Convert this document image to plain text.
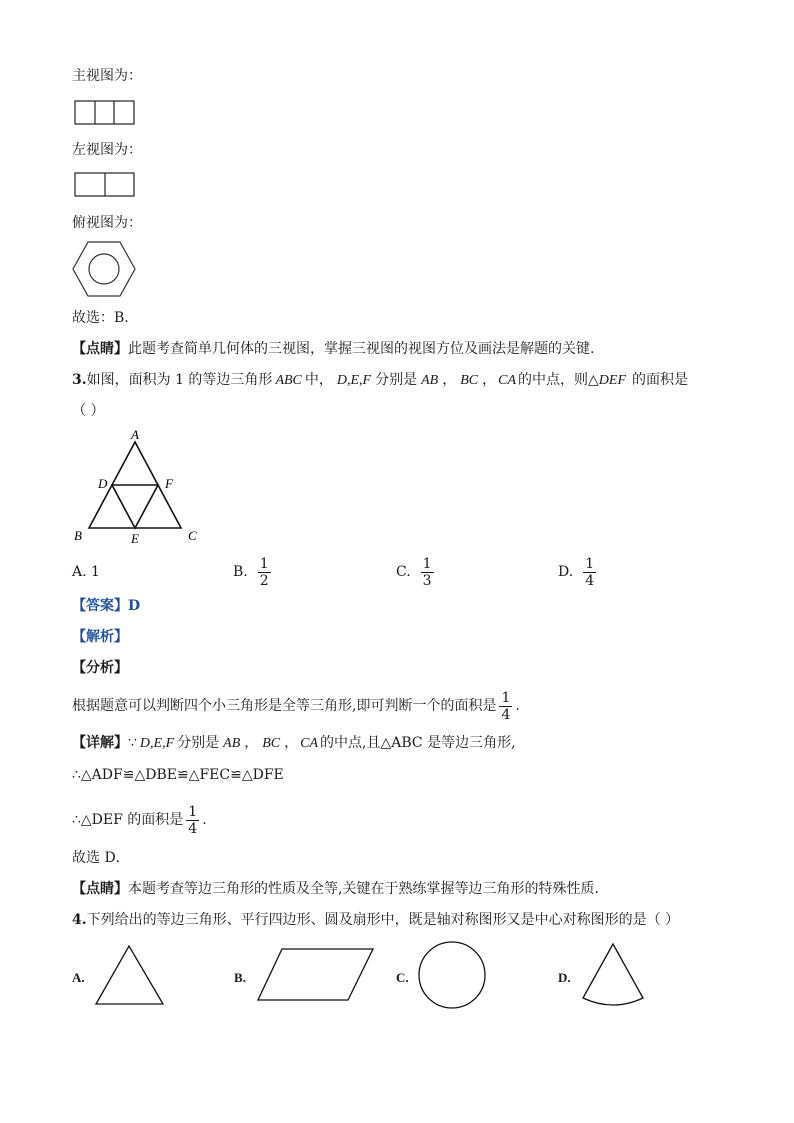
主视图为：
左视图为：
俯视图为：
故选：B.
【点睛】此题考查简单几何体的三视图，掌握三视图的视图方位及画法是解题的关键.
3.如图，面积为 1 的等边三角形 ABC 中， D,E,F 分别是 AB ， BC ， CA 的中点，则△DEF 的面积是
（ ）
A
D	F
B	E	C
A. 1	B. $\frac{1}{2}$	C. $\frac{1}{3}$	D. $\frac{1}{4}$
【答案】D
【解析】
【分析】
根据题意可以判断四个小三角形是全等三角形,即可判断一个的面积是 $\frac{1}{4}$ .
【详解】∵ D,E,F 分别是 AB ， BC ， CA 的中点,且△ABC 是等边三角形,
∴△ADF≌△DBE≌△FEC≌△DFE
∴△DEF 的面积是 $\frac{1}{4}$ .
故选 D．
【点睛】本题考查等边三角形的性质及全等,关键在于熟练掌握等边三角形的特殊性质．
4.下列给出的等边三角形、平行四边形、圆及扇形中，既是轴对称图形又是中心对称图形的是（ ）
A.	B.	C.	D.
